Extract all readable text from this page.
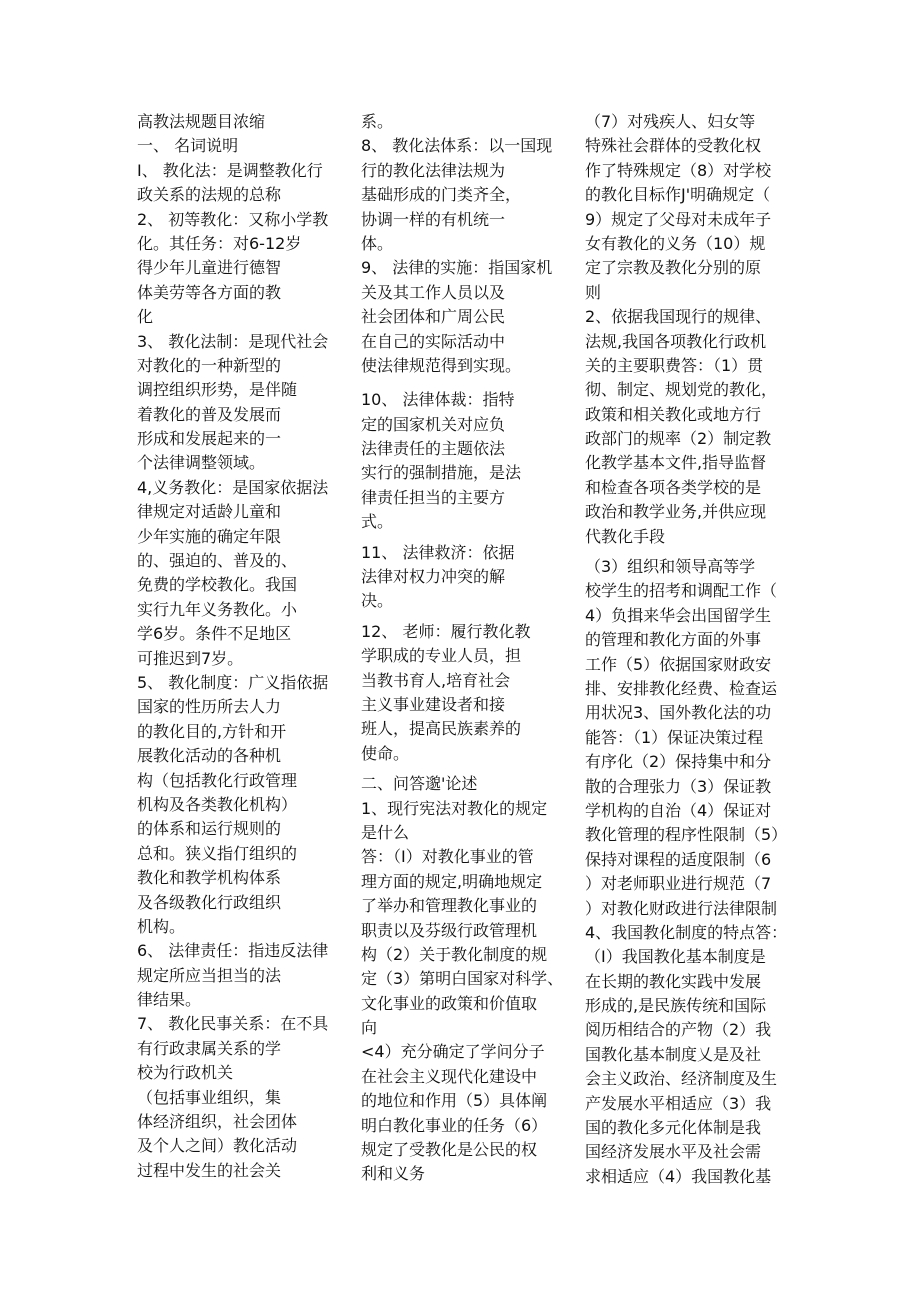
高教法规题目浓缩
一、 名词说明
I、 教化法：是调整教化行
政关系的法规的总称
2、 初等教化：又称小学教
化。其任务：对6-12岁
得少年儿童进行德智
体美劳等各方面的教
化
3、 教化法制：是现代社会
对教化的一种新型的
调控组织形势，是伴随
着教化的普及发展而
形成和发展起来的一
个法律调整领域。
4,义务教化：是国家依据法
律规定对适龄儿童和
少年实施的确定年限
的、强迫的、普及的、
免费的学校教化。我国
实行九年义务教化。小
学6岁。条件不足地区
可推迟到7岁。
5、 教化制度：广义指依据
国家的性历所去人力
的教化目的,方针和开
展教化活动的各种机
构（包括教化行政管理
机构及各类教化机构）
的体系和运行规则的
总和。狭义指仃组织的
教化和教学机构体系
及各级教化行政组织
机构。
6、 法律责任：指违反法律
规定所应当担当的法
律结果。
7、 教化民事关系：在不具
有行政隶属关系的学
校为行政机关
（包括事业组织，集
体经济组织，社会团体
及个人之间）教化活动
过程中发生的社会关
系。
8、 教化法体系：以一国现
行的教化法律法规为
基础形成的门类齐全，
协调一样的有机统一
体。
9、 法律的实施：指国家机
关及其工作人员以及
社会团体和广周公民
在自己的实际活动中
使法律规范得到实现。
10、 法律体裁：指特
定的国家机关对应负
法律责任的主题依法
实行的强制措施，是法
律责任担当的主要方
式。
11、 法律救济：依据
法律对权力冲突的解
决。
12、 老师：履行教化教
学职成的专业人员，担
当教书育人,培育社会
主义事业建设者和接
班人，提高民族素养的
使命。
二、问答邈'论述
1、现行宪法对教化的规定
是什么
答：（I）对教化事业的管
理方面的规定,明确地规定
了举办和管理教化事业的
职责以及芬级行政管理机
构（2）关于教化制度的规
定（3）第明白国家对科学、
文化事业的政策和价值取
向
<4）充分确定了学问分子
在社会主义现代化建设中
的地位和作用（5）具体阐
明白教化事业的任务（6）
规定了受教化是公民的权
利和义务
（7）对残疾人、妇女等
特殊社会群体的受教化权
作了特殊规定（8）对学校
的教化目标作J'明确规定（
9）规定了父母对未成年子
女有教化的义务（10）规
定了宗教及教化分别的原
则
2、依据我国现行的规律、
法规,我国各项教化行政机
关的主要职费答：（1）贯
彻、制定、规划党的教化，
政策和相关教化或地方行
政部门的规率（2）制定教
化教学基本文件,指导监督
和检查各项各类学校的是
政治和教学业务,并供应现
代教化手段
（3）组织和领导高等学
校学生的招考和调配工作（
4）负揖来华会出国留学生
的管理和教化方面的外事
工作（5）依据国家财政安
排、安排教化经费、检查运
用状况3、国外教化法的功
能答：（1）保证决策过程
有序化（2）保持集中和分
散的合理张力（3）保证教
学机构的自治（4）保证对
教化管理的程序性限制（5）
保持对课程的适度限制（6
）对老师职业进行规范（7
）对教化财政进行法律限制
4、我国教化制度的特点答：
（I）我国教化基本制度是
在长期的教化实践中发展
形成的,是民族传统和国际
阅历相结合的产物（2）我
国教化基本制度乂是及社
会主义政治、经济制度及生
产发展水平相适应（3）我
国的教化多元化体制是我
国经济发展水平及社会需
求相适应（4）我国教化基
